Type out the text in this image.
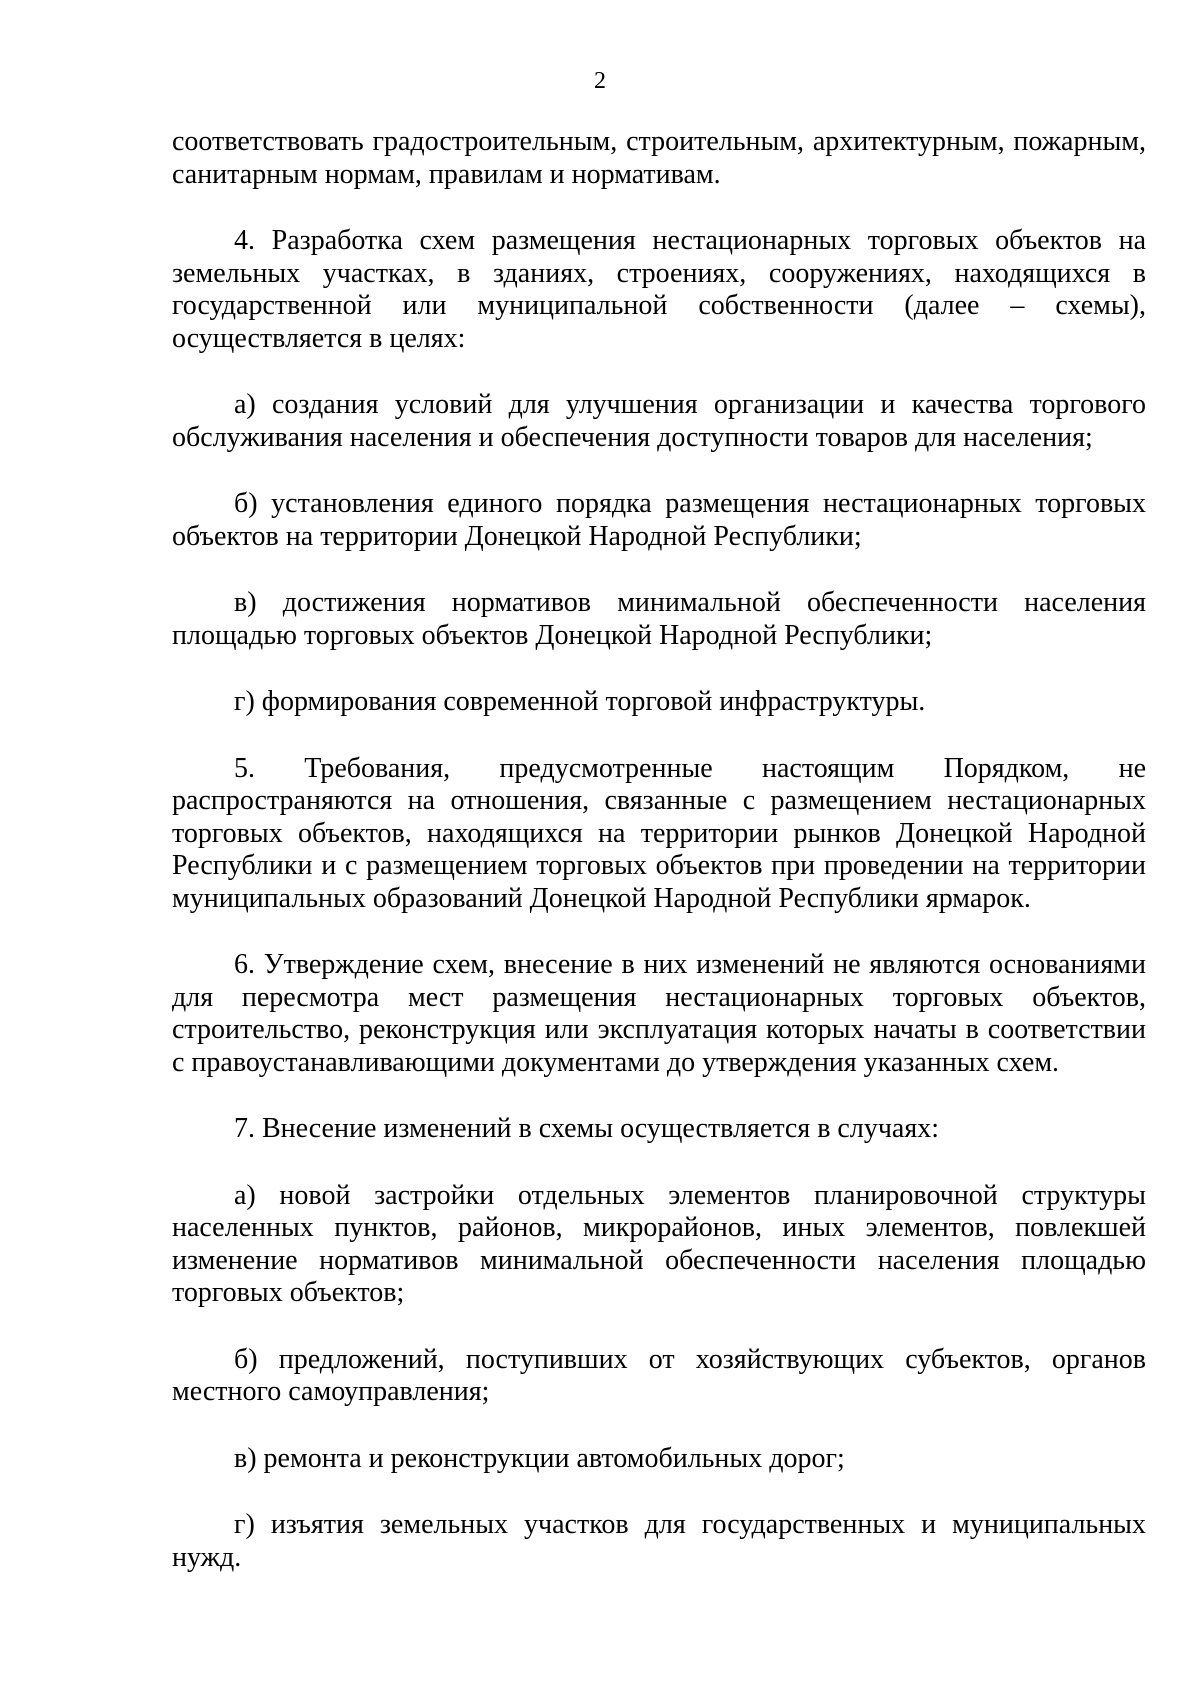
2

соответствовать градостроительным, строительным, архитектурным, пожарным, санитарным нормам, правилам и нормативам.

4. Разработка схем размещения нестационарных торговых объектов на земельных участках, в зданиях, строениях, сооружениях, находящихся в государственной или муниципальной собственности (далее – схемы), осуществляется в целях:

а) создания условий для улучшения организации и качества торгового обслуживания населения и обеспечения доступности товаров для населения;

б) установления единого порядка размещения нестационарных торговых объектов на территории Донецкой Народной Республики;

в) достижения нормативов минимальной обеспеченности населения площадью торговых объектов Донецкой Народной Республики;

г) формирования современной торговой инфраструктуры.

5. Требования, предусмотренные настоящим Порядком, не распространяются на отношения, связанные с размещением нестационарных торговых объектов, находящихся на территории рынков Донецкой Народной Республики и с размещением торговых объектов при проведении на территории муниципальных образований Донецкой Народной Республики ярмарок.

6. Утверждение схем, внесение в них изменений не являются основаниями для пересмотра мест размещения нестационарных торговых объектов, строительство, реконструкция или эксплуатация которых начаты в соответствии с правоустанавливающими документами до утверждения указанных схем.

7. Внесение изменений в схемы осуществляется в случаях:

а) новой застройки отдельных элементов планировочной структуры населенных пунктов, районов, микрорайонов, иных элементов, повлекшей изменение нормативов минимальной обеспеченности населения площадью торговых объектов;

б) предложений, поступивших от хозяйствующих субъектов, органов местного самоуправления;

в) ремонта и реконструкции автомобильных дорог;

г) изъятия земельных участков для государственных и муниципальных нужд.
